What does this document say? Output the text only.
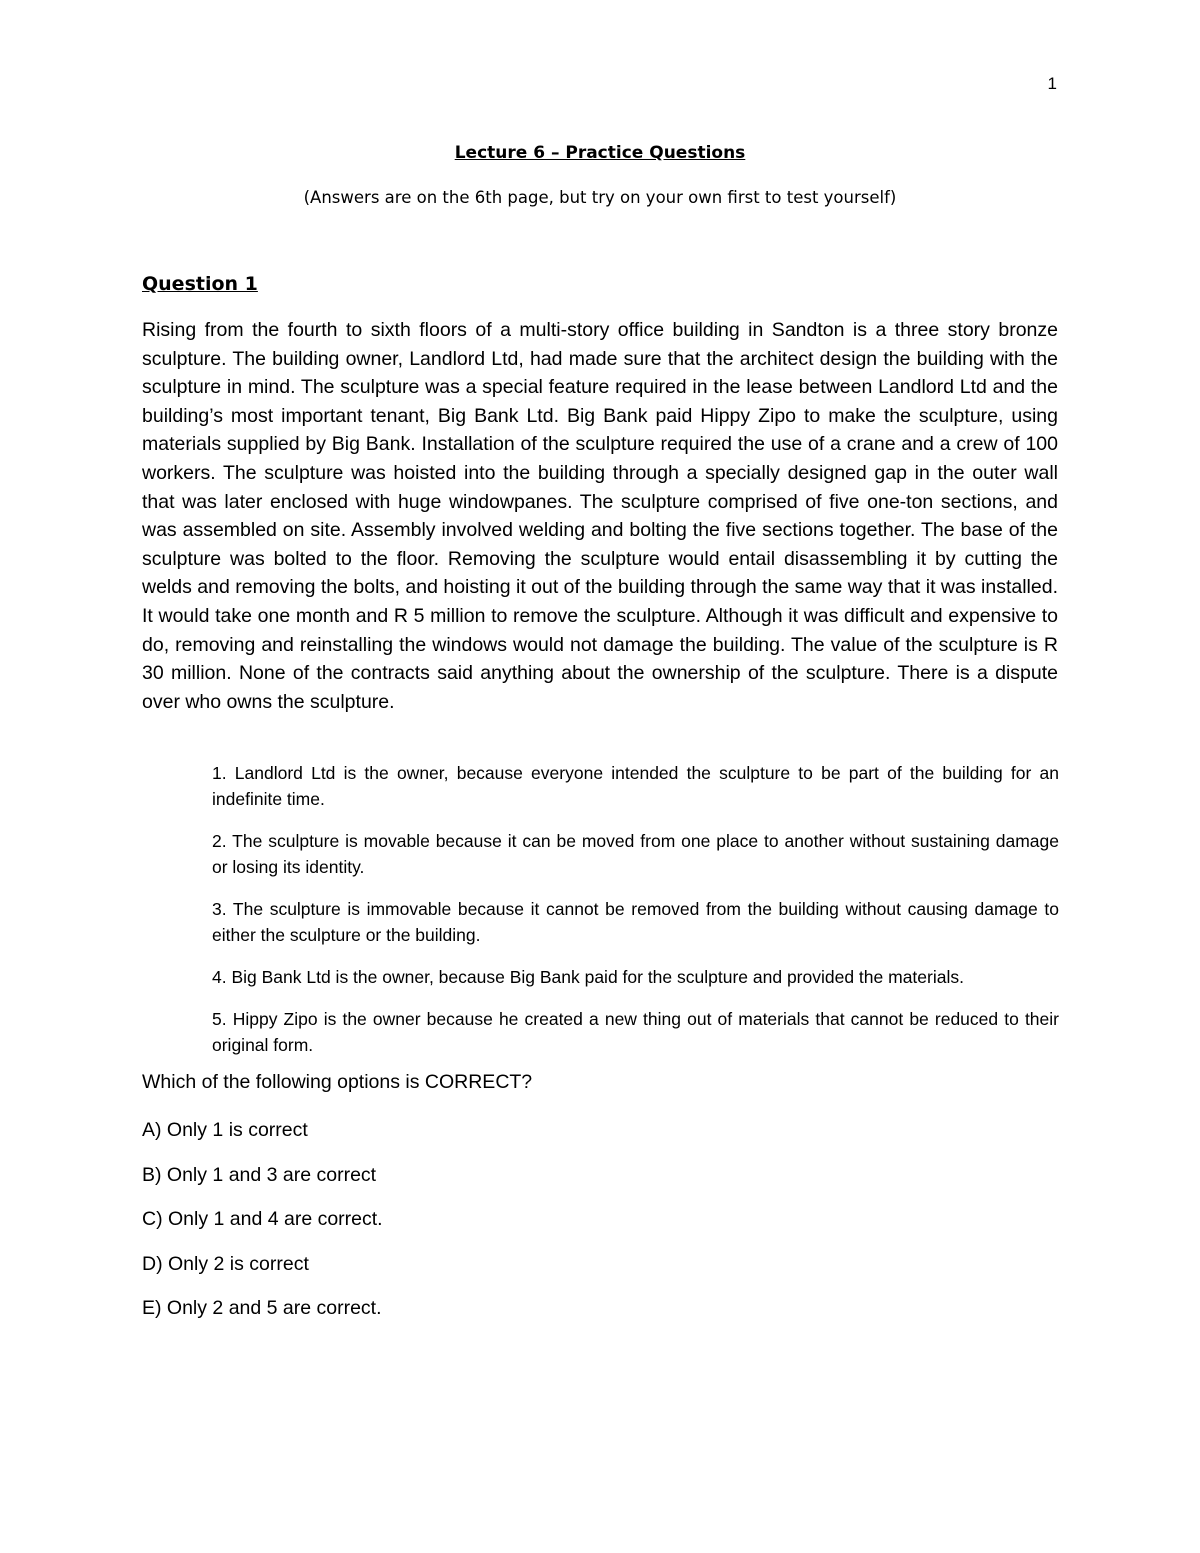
1
Lecture 6 – Practice Questions
(Answers are on the 6th page, but try on your own first to test yourself)
Question 1

Rising from the fourth to sixth floors of a multi-story office building in Sandton is a three story bronze sculpture. The building owner, Landlord Ltd, had made sure that the architect design the building with the sculpture in mind. The sculpture was a special feature required in the lease between Landlord Ltd and the building’s most important tenant, Big Bank Ltd. Big Bank paid Hippy Zipo to make the sculpture, using materials supplied by Big Bank. Installation of the sculpture required the use of a crane and a crew of 100 workers. The sculpture was hoisted into the building through a specially designed gap in the outer wall that was later enclosed with huge windowpanes. The sculpture comprised of five one-ton sections, and was assembled on site. Assembly involved welding and bolting the five sections together. The base of the sculpture was bolted to the floor. Removing the sculpture would entail disassembling it by cutting the welds and removing the bolts, and hoisting it out of the building through the same way that it was installed. It would take one month and R 5 million to remove the sculpture. Although it was difficult and expensive to do, removing and reinstalling the windows would not damage the building. The value of the sculpture is R 30 million. None of the contracts said anything about the ownership of the sculpture. There is a dispute over who owns the sculpture.

1. Landlord Ltd is the owner, because everyone intended the sculpture to be part of the building for an indefinite time.
2. The sculpture is movable because it can be moved from one place to another without sustaining damage or losing its identity.
3. The sculpture is immovable because it cannot be removed from the building without causing damage to either the sculpture or the building.
4. Big Bank Ltd is the owner, because Big Bank paid for the sculpture and provided the materials.
5. Hippy Zipo is the owner because he created a new thing out of materials that cannot be reduced to their original form.
Which of the following options is CORRECT?
A) Only 1 is correct
B) Only 1 and 3 are correct
C) Only 1 and 4 are correct.
D) Only 2 is correct
E) Only 2 and 5 are correct.
